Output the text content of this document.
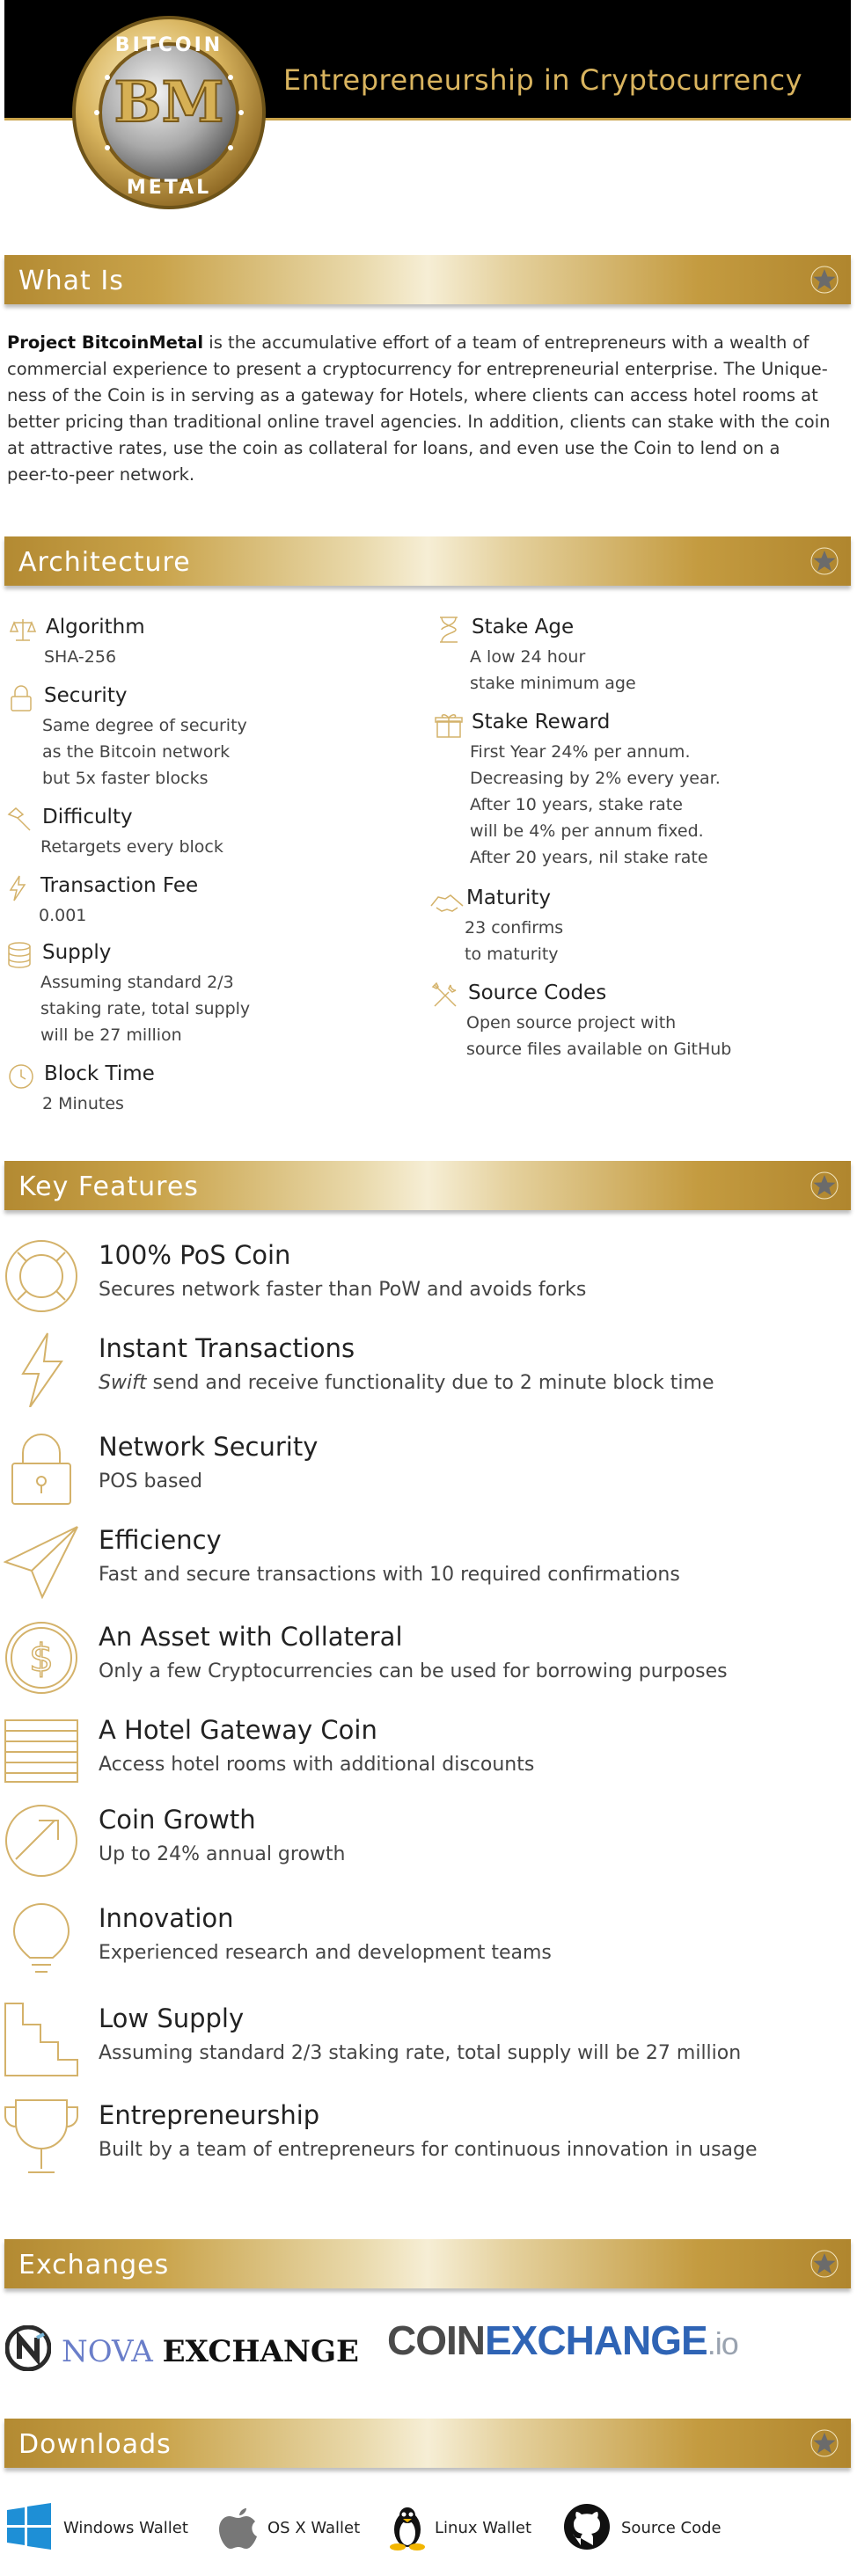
Entrepreneurship in Cryptocurrency
BM
BITCOIN
METAL
What Is
Project BitcoinMetal is the accumulative effort of a team of entrepreneurs with a wealth of
commercial experience to present a cryptocurrency for entrepreneurial enterprise. The Unique-
ness of the Coin is in serving as a gateway for Hotels, where clients can access hotel rooms at
better pricing than traditional online travel agencies. In addition, clients can stake with the coin
at attractive rates, use the coin as collateral for loans, and even use the Coin to lend on a
peer-to-peer network.
Architecture
Algorithm
SHA-256
Security
Same degree of security
as the Bitcoin network
but 5x faster blocks
Difficulty
Retargets every block
Transaction Fee
0.001
Supply
Assuming standard 2/3
staking rate, total supply
will be 27 million
Block Time
2 Minutes
Stake Age
A low 24 hour
stake minimum age
Stake Reward
First Year 24% per annum.
Decreasing by 2% every year.
After 10 years, stake rate
will be 4% per annum fixed.
After 20 years, nil stake rate
Maturity
23 confirms
to maturity
Source Codes
Open source project with
source files available on GitHub
Key Features
100% PoS Coin
Secures network faster than PoW and avoids forks
Instant Transactions
Swift send and receive functionality due to 2 minute block time
Network Security
POS based
Efficiency
Fast and secure transactions with 10 required confirmations
$ An Asset with Collateral
Only a few Cryptocurrencies can be used for borrowing purposes
A Hotel Gateway Coin
Access hotel rooms with additional discounts
Coin Growth
Up to 24% annual growth
Innovation
Experienced research and development teams
Low Supply
Assuming standard 2/3 staking rate, total supply will be 27 million
Entrepreneurship
Built by a team of entrepreneurs for continuous innovation in usage
Exchanges
NOVA EXCHANGE COINEXCHANGE.io
Downloads
Windows Wallet	OS X Wallet	Linux Wallet	Source Code
